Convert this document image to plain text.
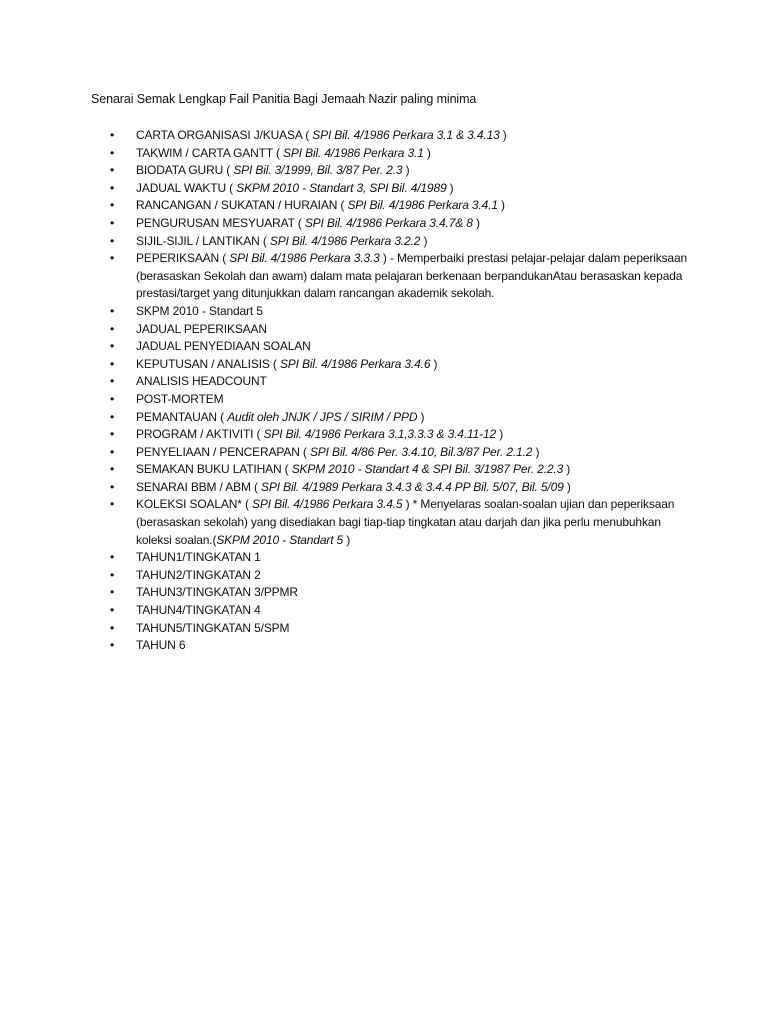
Senarai Semak Lengkap Fail Panitia Bagi Jemaah Nazir paling minima
• CARTA ORGANISASI J/KUASA ( SPI Bil. 4/1986 Perkara 3.1 & 3.4.13 )
• TAKWIM / CARTA GANTT ( SPI Bil. 4/1986 Perkara 3.1 )
• BIODATA GURU ( SPI Bil. 3/1999, Bil. 3/87 Per. 2.3 )
• JADUAL WAKTU ( SKPM 2010 - Standart 3, SPI Bil. 4/1989 )
• RANCANGAN / SUKATAN / HURAIAN ( SPI Bil. 4/1986 Perkara 3.4.1 )
• PENGURUSAN MESYUARAT ( SPI Bil. 4/1986 Perkara 3.4.7& 8 )
• SIJIL-SIJIL / LANTIKAN ( SPI Bil. 4/1986 Perkara 3.2.2 )
• PEPERIKSAAN ( SPI Bil. 4/1986 Perkara 3.3.3 ) - Memperbaiki prestasi pelajar-pelajar dalam peperiksaan (berasaskan Sekolah dan awam) dalam mata pelajaran berkenaan berpandukanAtau berasaskan kepada prestasi/target yang ditunjukkan dalam rancangan akademik sekolah.
• SKPM 2010 - Standart 5
• JADUAL PEPERIKSAAN
• JADUAL PENYEDIAAN SOALAN
• KEPUTUSAN / ANALISIS ( SPI Bil. 4/1986 Perkara 3.4.6 )
• ANALISIS HEADCOUNT
• POST-MORTEM
• PEMANTAUAN ( Audit oleh JNJK / JPS / SIRIM / PPD )
• PROGRAM / AKTIVITI ( SPI Bil. 4/1986 Perkara 3.1,3.3.3 & 3.4.11-12 )
• PENYELIAAN / PENCERAPAN ( SPI Bil. 4/86 Per. 3.4.10, Bil.3/87 Per. 2.1.2 )
• SEMAKAN BUKU LATIHAN ( SKPM 2010 - Standart 4 & SPI Bil. 3/1987 Per. 2.2.3 )
• SENARAI BBM / ABM ( SPI Bil. 4/1989 Perkara 3.4.3 & 3.4.4 PP Bil. 5/07, Bil. 5/09 )
• KOLEKSI SOALAN* ( SPI Bil. 4/1986 Perkara 3.4.5 ) * Menyelaras soalan-soalan ujian dan peperiksaan (berasaskan sekolah) yang disediakan bagi tiap-tiap tingkatan atau darjah dan jika perlu menubuhkan koleksi soalan.(SKPM 2010 - Standart 5 )
• TAHUN1/TINGKATAN 1
• TAHUN2/TINGKATAN 2
• TAHUN3/TINGKATAN 3/PPMR
• TAHUN4/TINGKATAN 4
• TAHUN5/TINGKATAN 5/SPM
• TAHUN 6
